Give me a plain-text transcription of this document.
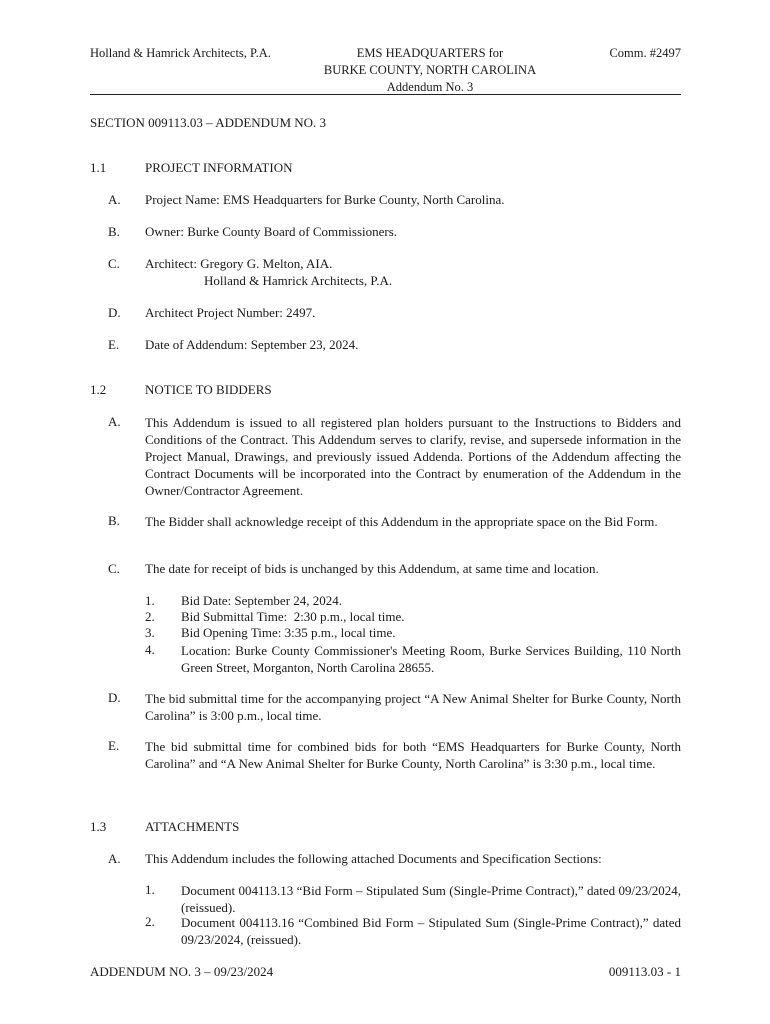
Holland & Hamrick Architects, P.A.	EMS HEADQUARTERS for
BURKE COUNTY, NORTH CAROLINA
Addendum No. 3
Comm. #2497
SECTION 009113.03 – ADDENDUM NO. 3
1.1	PROJECT INFORMATION
A. Project Name: EMS Headquarters for Burke County, North Carolina.
B. Owner: Burke County Board of Commissioners.
C. Architect: Gregory G. Melton, AIA.
Holland & Hamrick Architects, P.A.
D. Architect Project Number: 2497.
E. Date of Addendum: September 23, 2024.
1.2	NOTICE TO BIDDERS
A. This Addendum is issued to all registered plan holders pursuant to the Instructions to Bidders and Conditions of the Contract. This Addendum serves to clarify, revise, and supersede information in the Project Manual, Drawings, and previously issued Addenda. Portions of the Addendum affecting the Contract Documents will be incorporated into the Contract by enumeration of the Addendum in the Owner/Contractor Agreement.
B. The Bidder shall acknowledge receipt of this Addendum in the appropriate space on the Bid Form.
C. The date for receipt of bids is unchanged by this Addendum, at same time and location.
1. Bid Date: September 24, 2024.
2. Bid Submittal Time:  2:30 p.m., local time.
3. Bid Opening Time: 3:35 p.m., local time.
4. Location: Burke County Commissioner's Meeting Room, Burke Services Building, 110 North Green Street, Morganton, North Carolina 28655.
D. The bid submittal time for the accompanying project “A New Animal Shelter for Burke County, North Carolina” is 3:00 p.m., local time.
E. The bid submittal time for combined bids for both “EMS Headquarters for Burke County, North Carolina” and “A New Animal Shelter for Burke County, North Carolina” is 3:30 p.m., local time.
1.3	ATTACHMENTS
A. This Addendum includes the following attached Documents and Specification Sections:
1. Document 004113.13 “Bid Form – Stipulated Sum (Single-Prime Contract),” dated 09/23/2024, (reissued).
2. Document 004113.16 “Combined Bid Form – Stipulated Sum (Single-Prime Contract),” dated 09/23/2024, (reissued).
ADDENDUM NO. 3 – 09/23/2024	009113.03 - 1
